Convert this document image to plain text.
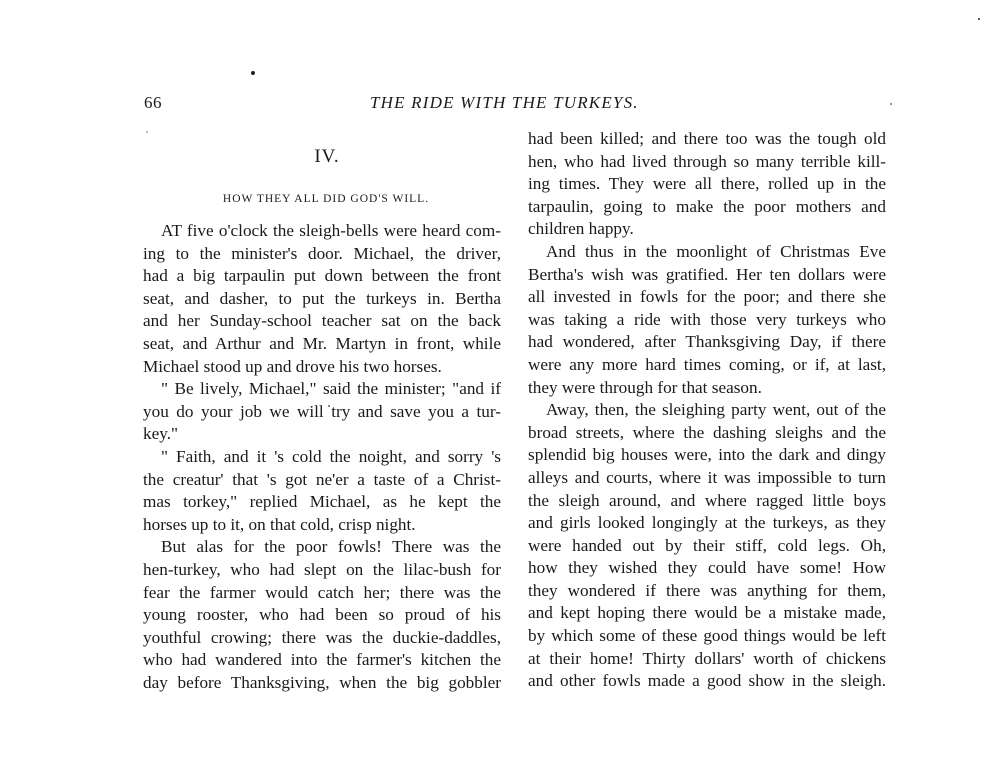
66	THE RIDE WITH THE TURKEYS.
IV.
HOW THEY ALL DID GOD'S WILL.
AT five o'clock the sleigh-bells were heard com-
ing to the minister's door. Michael, the driver,
had a big tarpaulin put down between the front
seat, and dasher, to put the turkeys in. Bertha
and her Sunday-school teacher sat on the back
seat, and Arthur and Mr. Martyn in front, while
Michael stood up and drove his two horses.
" Be lively, Michael," said the minister; "and if
you do your job we will try and save you a tur-
key."
" Faith, and it 's cold the noight, and sorry 's
the creatur' that 's got ne'er a taste of a Christ-
mas torkey," replied Michael, as he kept the
horses up to it, on that cold, crisp night.
But alas for the poor fowls! There was the
hen-turkey, who had slept on the lilac-bush for
fear the farmer would catch her; there was the
young rooster, who had been so proud of his
youthful crowing; there was the duckie-daddles,
who had wandered into the farmer's kitchen the
day before Thanksgiving, when the big gobbler
had been killed; and there too was the tough old
hen, who had lived through so many terrible kill-
ing times. They were all there, rolled up in the
tarpaulin, going to make the poor mothers and
children happy.
And thus in the moonlight of Christmas Eve
Bertha's wish was gratified. Her ten dollars were
all invested in fowls for the poor; and there she
was taking a ride with those very turkeys who
had wondered, after Thanksgiving Day, if there
were any more hard times coming, or if, at last,
they were through for that season.
Away, then, the sleighing party went, out of the
broad streets, where the dashing sleighs and the
splendid big houses were, into the dark and dingy
alleys and courts, where it was impossible to turn
the sleigh around, and where ragged little boys
and girls looked longingly at the turkeys, as they
were handed out by their stiff, cold legs. Oh,
how they wished they could have some! How
they wondered if there was anything for them,
and kept hoping there would be a mistake made,
by which some of these good things would be left
at their home! Thirty dollars' worth of chickens
and other fowls made a good show in the sleigh.
